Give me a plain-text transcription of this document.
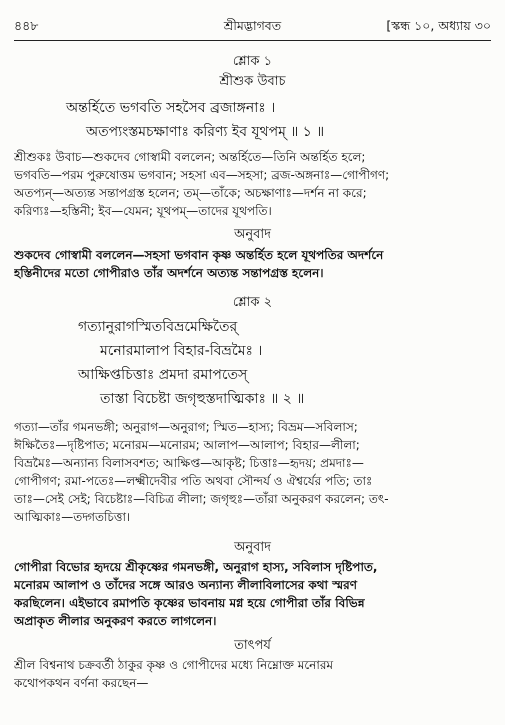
৪৪৮	শ্রীমদ্ভাগবত	[স্কন্ধ ১০, অধ্যায় ৩০
শ্লোক ১
শ্রীশুক উবাচ
অন্তর্হিতে ভগবতি সহসৈব ব্রজাঙ্গনাঃ ।
অতপ্যংস্তমচক্ষাণাঃ করিণ্য ইব যূথপম্ ॥ ১ ॥
শ্রীশুকঃ উবাচ—শুকদেব গোস্বামী বললেন; অন্তর্হিতে—তিনি অন্তর্হিত হলে;
ভগবতি—পরম পুরুষোত্তম ভগবান; সহসা এব—সহসা; ব্রজ-অঙ্গনাঃ—গোপীগণ;
অতপ্যন্—অত্যন্ত সন্তাপগ্রস্ত হলেন; তম্—তাঁকে; অচক্ষাণাঃ—দর্শন না করে;
করিণ্যঃ—হস্তিনী; ইব—যেমন; যূথপম্—তাদের যূথপতি।
অনুবাদ
শুকদেব গোস্বামী বললেন—সহসা ভগবান কৃষ্ণ অন্তর্হিত হলে যূথপতির অদর্শনে
হস্তিনীদের মতো গোপীরাও তাঁর অদর্শনে অত্যন্ত সন্তাপগ্রস্ত হলেন।
শ্লোক ২
গত্যানুরাগস্মিতবিভ্রমেক্ষিতৈর্
মনোরমালাপ বিহার-বিভ্রমৈঃ ।
আক্ষিপ্তচিত্তাঃ প্রমদা রমাপতেস্
তাস্তা বিচেষ্টা জগৃহুস্তদাত্মিকাঃ ॥ ২ ॥
গত্যা—তাঁর গমনভঙ্গী; অনুরাগ—অনুরাগ; স্মিত—হাস্য; বিভ্রম—সবিলাস;
ঈক্ষিতৈঃ—দৃষ্টিপাত; মনোরম—মনোরম; আলাপ—আলাপ; বিহার—লীলা;
বিভ্রমৈঃ—অন্যান্য বিলাসবশত; আক্ষিপ্ত—আকৃষ্ট; চিত্তাঃ—হৃদয়; প্রমদাঃ—
গোপীগণ; রমা-পতেঃ—লক্ষ্মীদেবীর পতি অথবা সৌন্দর্য ও ঐশ্বর্যের পতি; তাঃ
তাঃ—সেই সেই; বিচেষ্টাঃ—বিচিত্র লীলা; জগৃহুঃ—তাঁরা অনুকরণ করলেন; তৎ-
আত্মিকাঃ—তদ্গতচিত্তা।
অনুবাদ
গোপীরা বিভোর হৃদয়ে শ্রীকৃষ্ণের গমনভঙ্গী, অনুরাগ হাস্য, সবিলাস দৃষ্টিপাত,
মনোরম আলাপ ও তাঁদের সঙ্গে আরও অন্যান্য লীলাবিলাসের কথা স্মরণ
করছিলেন। এইভাবে রমাপতি কৃষ্ণের ভাবনায় মগ্ন হয়ে গোপীরা তাঁর বিভিন্ন
অপ্রাকৃত লীলার অনুকরণ করতে লাগলেন।
তাৎপর্য
শ্রীল বিশ্বনাথ চক্রবর্তী ঠাকুর কৃষ্ণ ও গোপীদের মধ্যে নিম্নোক্ত মনোরম
কথোপকথন বর্ণনা করছেন—
